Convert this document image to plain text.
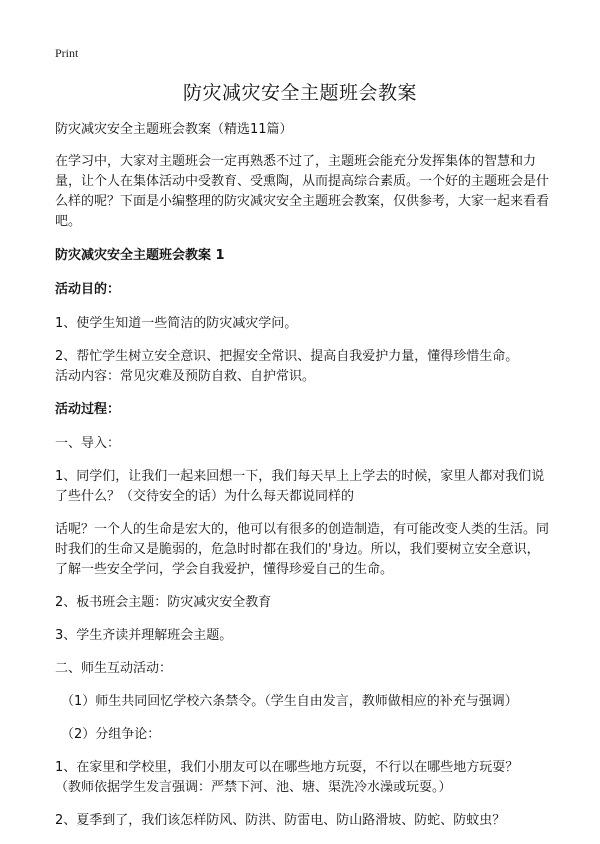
Print
防灾减灾安全主题班会教案

防灾减灾安全主题班会教案（精选11篇）

在学习中，大家对主题班会一定再熟悉不过了，主题班会能充分发挥集体的智慧和力量，让个人在集体活动中受教育、受熏陶，从而提高综合素质。一个好的主题班会是什么样的呢？下面是小编整理的防灾减灾安全主题班会教案，仅供参考，大家一起来看看吧。

防灾减灾安全主题班会教案 1

活动目的：

1、使学生知道一些简洁的防灾减灾学问。

2、帮忙学生树立安全意识、把握安全常识、提高自我爱护力量，懂得珍惜生命。

活动内容：常见灾难及预防自救、自护常识。

活动过程：

一、导入：

1、同学们，让我们一起来回想一下，我们每天早上上学去的时候，家里人都对我们说了些什么？（交待安全的话）为什么每天都说同样的

话呢？一个人的生命是宏大的，他可以有很多的创造制造，有可能改变人类的生活。同时我们的生命又是脆弱的，危急时时都在我们的'身边。所以，我们要树立安全意识，了解一些安全学问，学会自我爱护，懂得珍爱自己的生命。

2、板书班会主题：防灾减灾安全教育

3、学生齐读并理解班会主题。

二、师生互动活动：

（1）师生共同回忆学校六条禁令。（学生自由发言，教师做相应的补充与强调）

（2）分组争论：

1、在家里和学校里，我们小朋友可以在哪些地方玩耍，不行以在哪些地方玩耍？

（教师依据学生发言强调：严禁下河、池、塘、渠洗冷水澡或玩耍。）

2、夏季到了，我们该怎样防风、防洪、防雷电、防山路滑坡、防蛇、防蚊虫？
